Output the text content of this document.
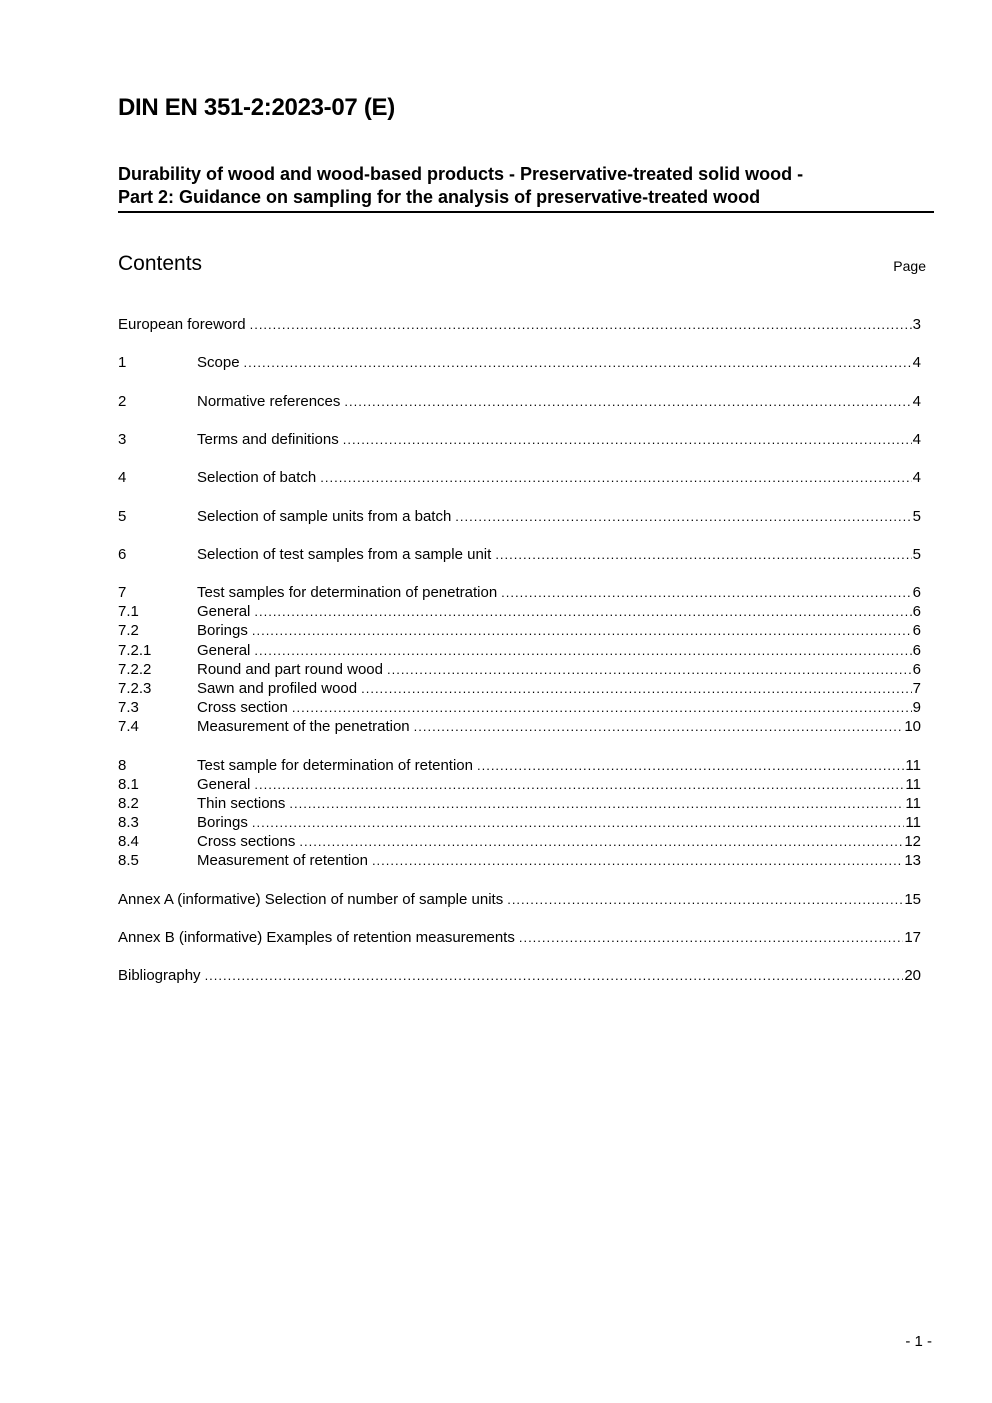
DIN EN 351-2:2023-07 (E)
Durability of wood and wood-based products - Preservative-treated solid wood -
Part 2: Guidance on sampling for the analysis of preservative-treated wood
Contents	Page
European foreword .....	3
1	Scope .....	4
2	Normative references .....	4
3	Terms and definitions .....	4
4	Selection of batch .....	4
5	Selection of sample units from a batch .....	5
6	Selection of test samples from a sample unit .....	5
7	Test samples for determination of penetration .....	6
7.1	General .....	6
7.2	Borings .....	6
7.2.1	General .....	6
7.2.2	Round and part round wood .....	6
7.2.3	Sawn and profiled wood .....	7
7.3	Cross section .....	9
7.4	Measurement of the penetration .....	10
8	Test sample for determination of retention .....	11
8.1	General .....	11
8.2	Thin sections .....	11
8.3	Borings .....	11
8.4	Cross sections .....	12
8.5	Measurement of retention .....	13
Annex A (informative) Selection of number of sample units .....	15
Annex B (informative) Examples of retention measurements .....	17
Bibliography .....	20
- 1 -
